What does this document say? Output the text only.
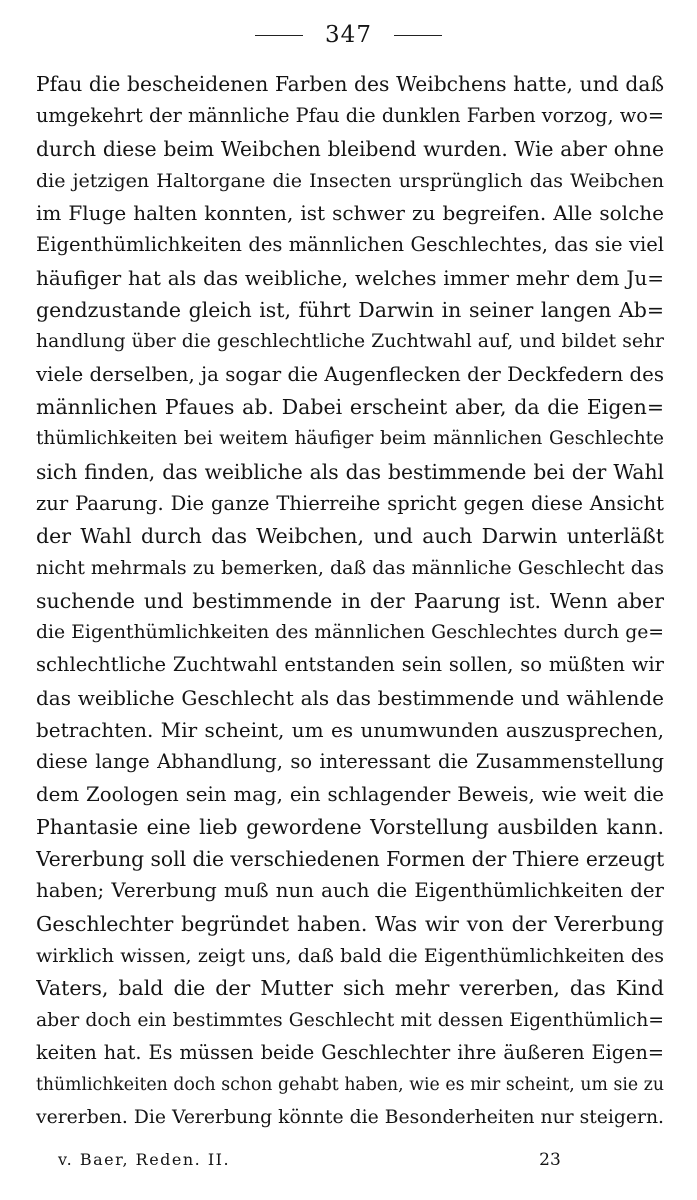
347
Pfau die bescheidenen Farben des Weibchens hatte, und daß
umgekehrt der männliche Pfau die dunklen Farben vorzog, wo=
durch diese beim Weibchen bleibend wurden. Wie aber ohne
die jetzigen Haltorgane die Insecten ursprünglich das Weibchen
im Fluge halten konnten, ist schwer zu begreifen. Alle solche
Eigenthümlichkeiten des männlichen Geschlechtes, das sie viel
häufiger hat als das weibliche, welches immer mehr dem Ju=
gendzustande gleich ist, führt Darwin in seiner langen Ab=
handlung über die geschlechtliche Zuchtwahl auf, und bildet sehr
viele derselben, ja sogar die Augenflecken der Deckfedern des
männlichen Pfaues ab. Dabei erscheint aber, da die Eigen=
thümlichkeiten bei weitem häufiger beim männlichen Geschlechte
sich finden, das weibliche als das bestimmende bei der Wahl
zur Paarung. Die ganze Thierreihe spricht gegen diese Ansicht
der Wahl durch das Weibchen, und auch Darwin unterläßt
nicht mehrmals zu bemerken, daß das männliche Geschlecht das
suchende und bestimmende in der Paarung ist. Wenn aber
die Eigenthümlichkeiten des männlichen Geschlechtes durch ge=
schlechtliche Zuchtwahl entstanden sein sollen, so müßten wir
das weibliche Geschlecht als das bestimmende und wählende
betrachten. Mir scheint, um es unumwunden auszusprechen,
diese lange Abhandlung, so interessant die Zusammenstellung
dem Zoologen sein mag, ein schlagender Beweis, wie weit die
Phantasie eine lieb gewordene Vorstellung ausbilden kann.
Vererbung soll die verschiedenen Formen der Thiere erzeugt
haben; Vererbung muß nun auch die Eigenthümlichkeiten der
Geschlechter begründet haben. Was wir von der Vererbung
wirklich wissen, zeigt uns, daß bald die Eigenthümlichkeiten des
Vaters, bald die der Mutter sich mehr vererben, das Kind
aber doch ein bestimmtes Geschlecht mit dessen Eigenthümlich=
keiten hat. Es müssen beide Geschlechter ihre äußeren Eigen=
thümlichkeiten doch schon gehabt haben, wie es mir scheint, um sie zu
vererben. Die Vererbung könnte die Besonderheiten nur steigern.
v. Baer, Reden. II.	23
